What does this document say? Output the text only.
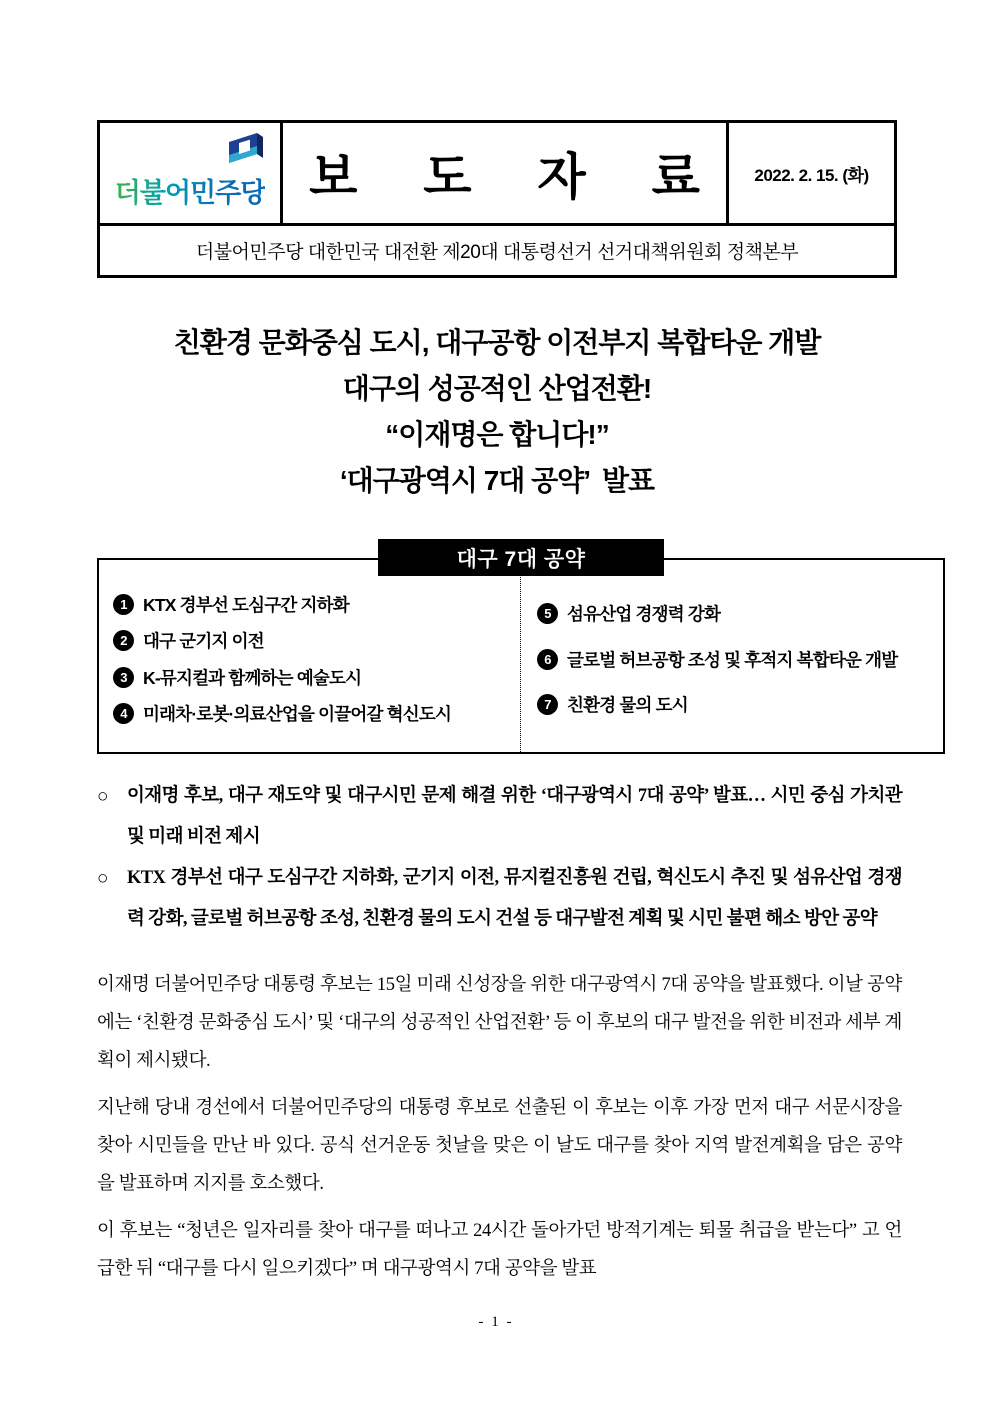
더불어민주당 보 도 자 료 2022. 2. 15. (화)
더불어민주당 대한민국 대전환 제20대 대통령선거 선거대책위원회 정책본부
친환경 문화중심 도시, 대구공항 이전부지 복합타운 개발
대구의 성공적인 산업전환!
“이재명은 합니다!”
‘대구광역시 7대 공약’  발표
대구 7대 공약
1 KTX 경부선 도심구간 지하화
2 대구 군기지 이전
3 K-뮤지컬과 함께하는 예술도시
4 미래차·로봇·의료산업을 이끌어갈 혁신도시
5 섬유산업 경쟁력 강화
6 글로벌 허브공항 조성 및 후적지 복합타운 개발
7 친환경 물의 도시
○	이재명 후보, 대구 재도약 및 대구시민 문제 해결 위한 ‘대구광역시 7대 공약’ 발표… 시민 중심 가치관 및 미래 비전 제시
○	KTX 경부선 대구 도심구간 지하화, 군기지 이전, 뮤지컬진흥원 건립, 혁신도시 추진 및 섬유산업 경쟁력 강화, 글로벌 허브공항 조성, 친환경 물의 도시 건설 등 대구발전 계획 및 시민 불편 해소 방안 공약

이재명 더불어민주당 대통령 후보는 15일 미래 신성장을 위한 대구광역시 7대 공약을 발표했다. 이날 공약에는 ‘친환경 문화중심 도시’ 및 ‘대구의 성공적인 산업전환’ 등 이 후보의 대구 발전을 위한 비전과 세부 계획이 제시됐다.

지난해 당내 경선에서 더불어민주당의 대통령 후보로 선출된 이 후보는 이후 가장 먼저 대구 서문시장을 찾아 시민들을 만난 바 있다. 공식 선거운동 첫날을 맞은 이 날도 대구를 찾아 지역 발전계획을 담은 공약을 발표하며 지지를 호소했다.

이 후보는 “청년은 일자리를 찾아 대구를 떠나고 24시간 돌아가던 방적기계는 퇴물 취급을 받는다” 고 언급한 뒤 “대구를 다시 일으키겠다” 며 대구광역시 7대 공약을 발표

- 1 -
